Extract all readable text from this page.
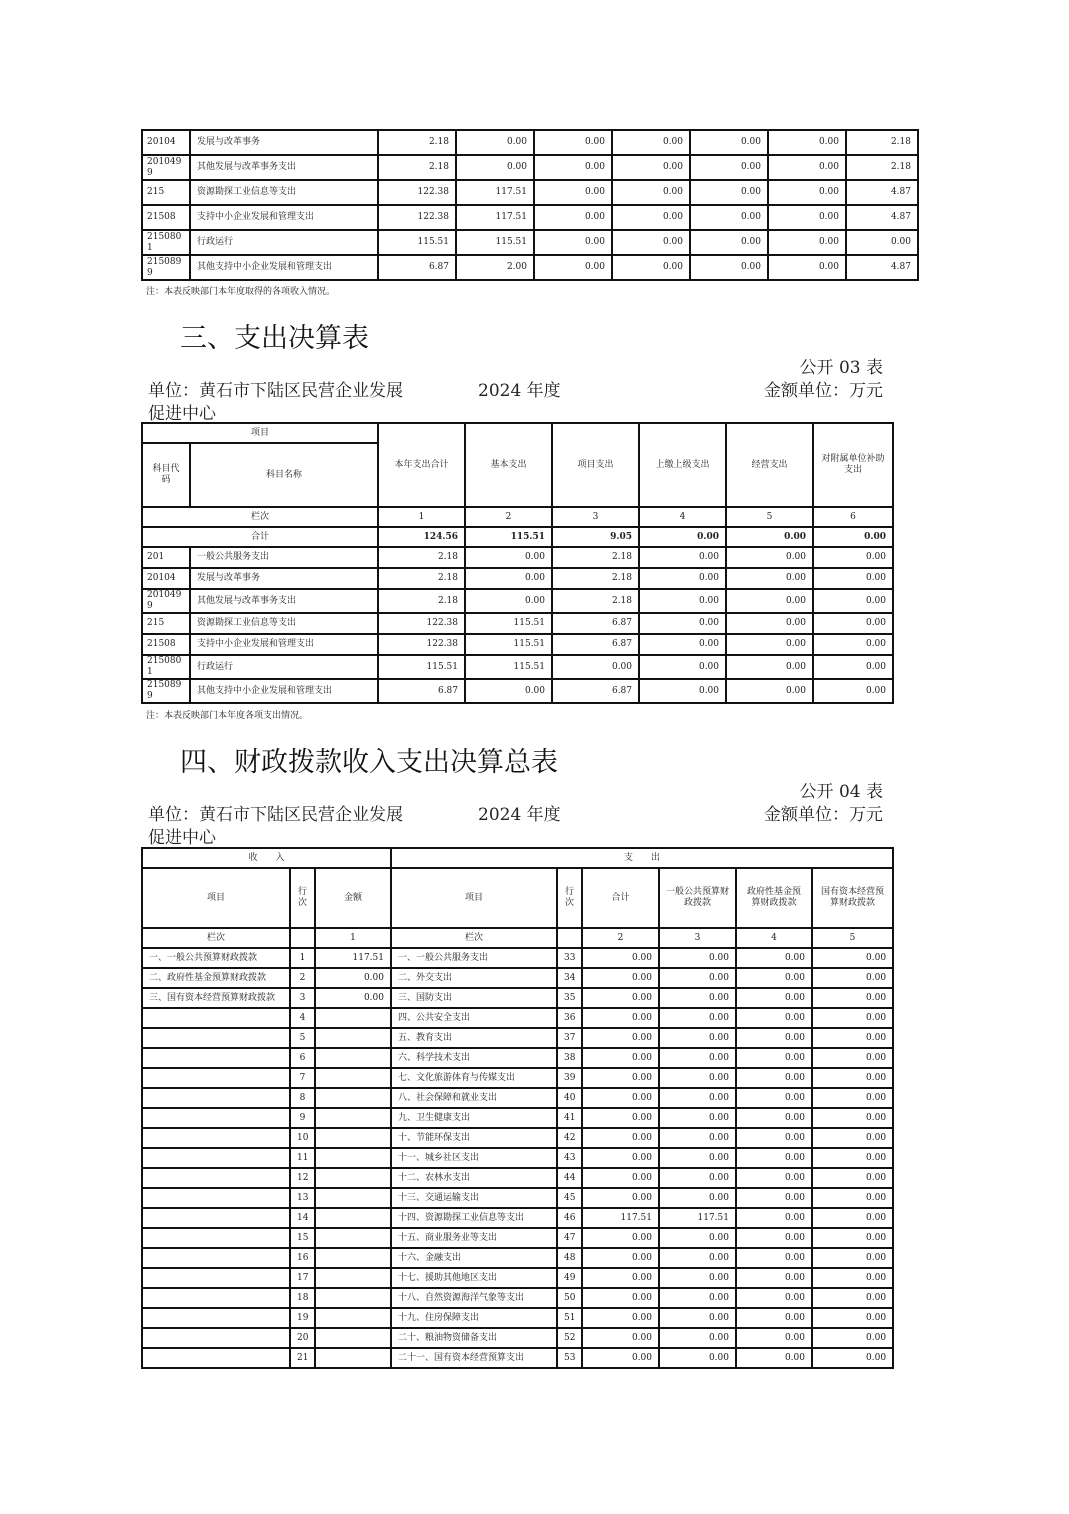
20104	发展与改革事务	2.18	0.00	0.00	0.00	0.00	0.00	2.18
2010499	其他发展与改革事务支出	2.18	0.00	0.00	0.00	0.00	0.00	2.18
215	资源勘探工业信息等支出	122.38	117.51	0.00	0.00	0.00	0.00	4.87
21508	支持中小企业发展和管理支出	122.38	117.51	0.00	0.00	0.00	0.00	4.87
2150801	行政运行	115.51	115.51	0.00	0.00	0.00	0.00	0.00
2150899	其他支持中小企业发展和管理支出	6.87	2.00	0.00	0.00	0.00	0.00	4.87
注：本表反映部门本年度取得的各项收入情况。
三、支出决算表
公开 03 表
单位：黄石市下陆区民营企业发展	2024 年度	金额单位：万元
促进中心
项目		本年支出合计	基本支出	项目支出	上缴上级支出	经营支出	对附属单位补助支出
科目代码	科目名称						
栏次		1	2	3	4	5	6
合计		124.56	115.51	9.05	0.00	0.00	0.00
201	一般公共服务支出	2.18	0.00	2.18	0.00	0.00	0.00
20104	发展与改革事务	2.18	0.00	2.18	0.00	0.00	0.00
2010499	其他发展与改革事务支出	2.18	0.00	2.18	0.00	0.00	0.00
215	资源勘探工业信息等支出	122.38	115.51	6.87	0.00	0.00	0.00
21508	支持中小企业发展和管理支出	122.38	115.51	6.87	0.00	0.00	0.00
2150801	行政运行	115.51	115.51	0.00	0.00	0.00	0.00
2150899	其他支持中小企业发展和管理支出	6.87	0.00	6.87	0.00	0.00	0.00
注：本表反映部门本年度各项支出情况。
四、财政拨款收入支出决算总表
公开 04 表
单位：黄石市下陆区民营企业发展	2024 年度	金额单位：万元
促进中心
收　　入			支　　出					
项目	行次	金额	项目	行次	合计	一般公共预算财政拨款	政府性基金预算财政拨款	国有资本经营预算财政拨款
栏次		1	栏次		2	3	4	5
一、一般公共预算财政拨款	1	117.51	一、一般公共服务支出	33	0.00	0.00	0.00	0.00
二、政府性基金预算财政拨款	2	0.00	二、外交支出	34	0.00	0.00	0.00	0.00
三、国有资本经营预算财政拨款	3	0.00	三、国防支出	35	0.00	0.00	0.00	0.00
	4		四、公共安全支出	36	0.00	0.00	0.00	0.00
	5		五、教育支出	37	0.00	0.00	0.00	0.00
	6		六、科学技术支出	38	0.00	0.00	0.00	0.00
	7		七、文化旅游体育与传媒支出	39	0.00	0.00	0.00	0.00
	8		八、社会保障和就业支出	40	0.00	0.00	0.00	0.00
	9		九、卫生健康支出	41	0.00	0.00	0.00	0.00
	10		十、节能环保支出	42	0.00	0.00	0.00	0.00
	11		十一、城乡社区支出	43	0.00	0.00	0.00	0.00
	12		十二、农林水支出	44	0.00	0.00	0.00	0.00
	13		十三、交通运输支出	45	0.00	0.00	0.00	0.00
	14		十四、资源勘探工业信息等支出	46	117.51	117.51	0.00	0.00
	15		十五、商业服务业等支出	47	0.00	0.00	0.00	0.00
	16		十六、金融支出	48	0.00	0.00	0.00	0.00
	17		十七、援助其他地区支出	49	0.00	0.00	0.00	0.00
	18		十八、自然资源海洋气象等支出	50	0.00	0.00	0.00	0.00
	19		十九、住房保障支出	51	0.00	0.00	0.00	0.00
	20		二十、粮油物资储备支出	52	0.00	0.00	0.00	0.00
	21		二十一、国有资本经营预算支出	53	0.00	0.00	0.00	0.00
